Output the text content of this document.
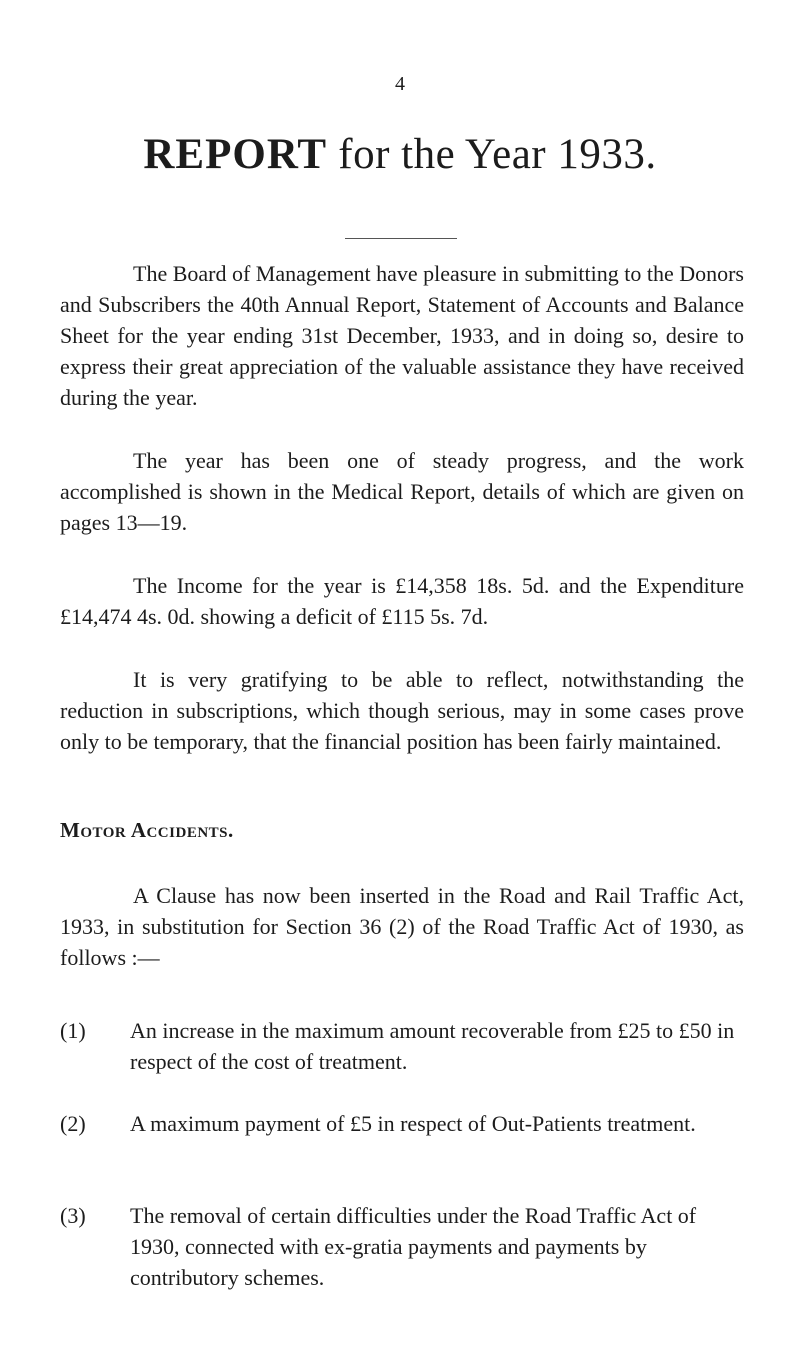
4
REPORT for the Year 1933.

The Board of Management have pleasure in submitting to the Donors and Subscribers the 40th Annual Report, Statement of Accounts and Balance Sheet for the year ending 31st December, 1933, and in doing so, desire to express their great appreciation of the valuable assistance they have received during the year.

The year has been one of steady progress, and the work accomplished is shown in the Medical Report, details of which are given on pages 13—19.

The Income for the year is £14,358 18s. 5d. and the Expenditure £14,474 4s. 0d. showing a deficit of £115 5s. 7d.

It is very gratifying to be able to reflect, notwithstanding the reduction in subscriptions, which though serious, may in some cases prove only to be temporary, that the financial position has been fairly maintained.

Motor Accidents.

A Clause has now been inserted in the Road and Rail Traffic Act, 1933, in substitution for Section 36 (2) of the Road Traffic Act of 1930, as follows :—

(1) An increase in the maximum amount recoverable from £25 to £50 in respect of the cost of treatment.
(2) A maximum payment of £5 in respect of Out-Patients treatment.
(3) The removal of certain difficulties under the Road Traffic Act of 1930, connected with ex-gratia payments and payments by contributory schemes.
